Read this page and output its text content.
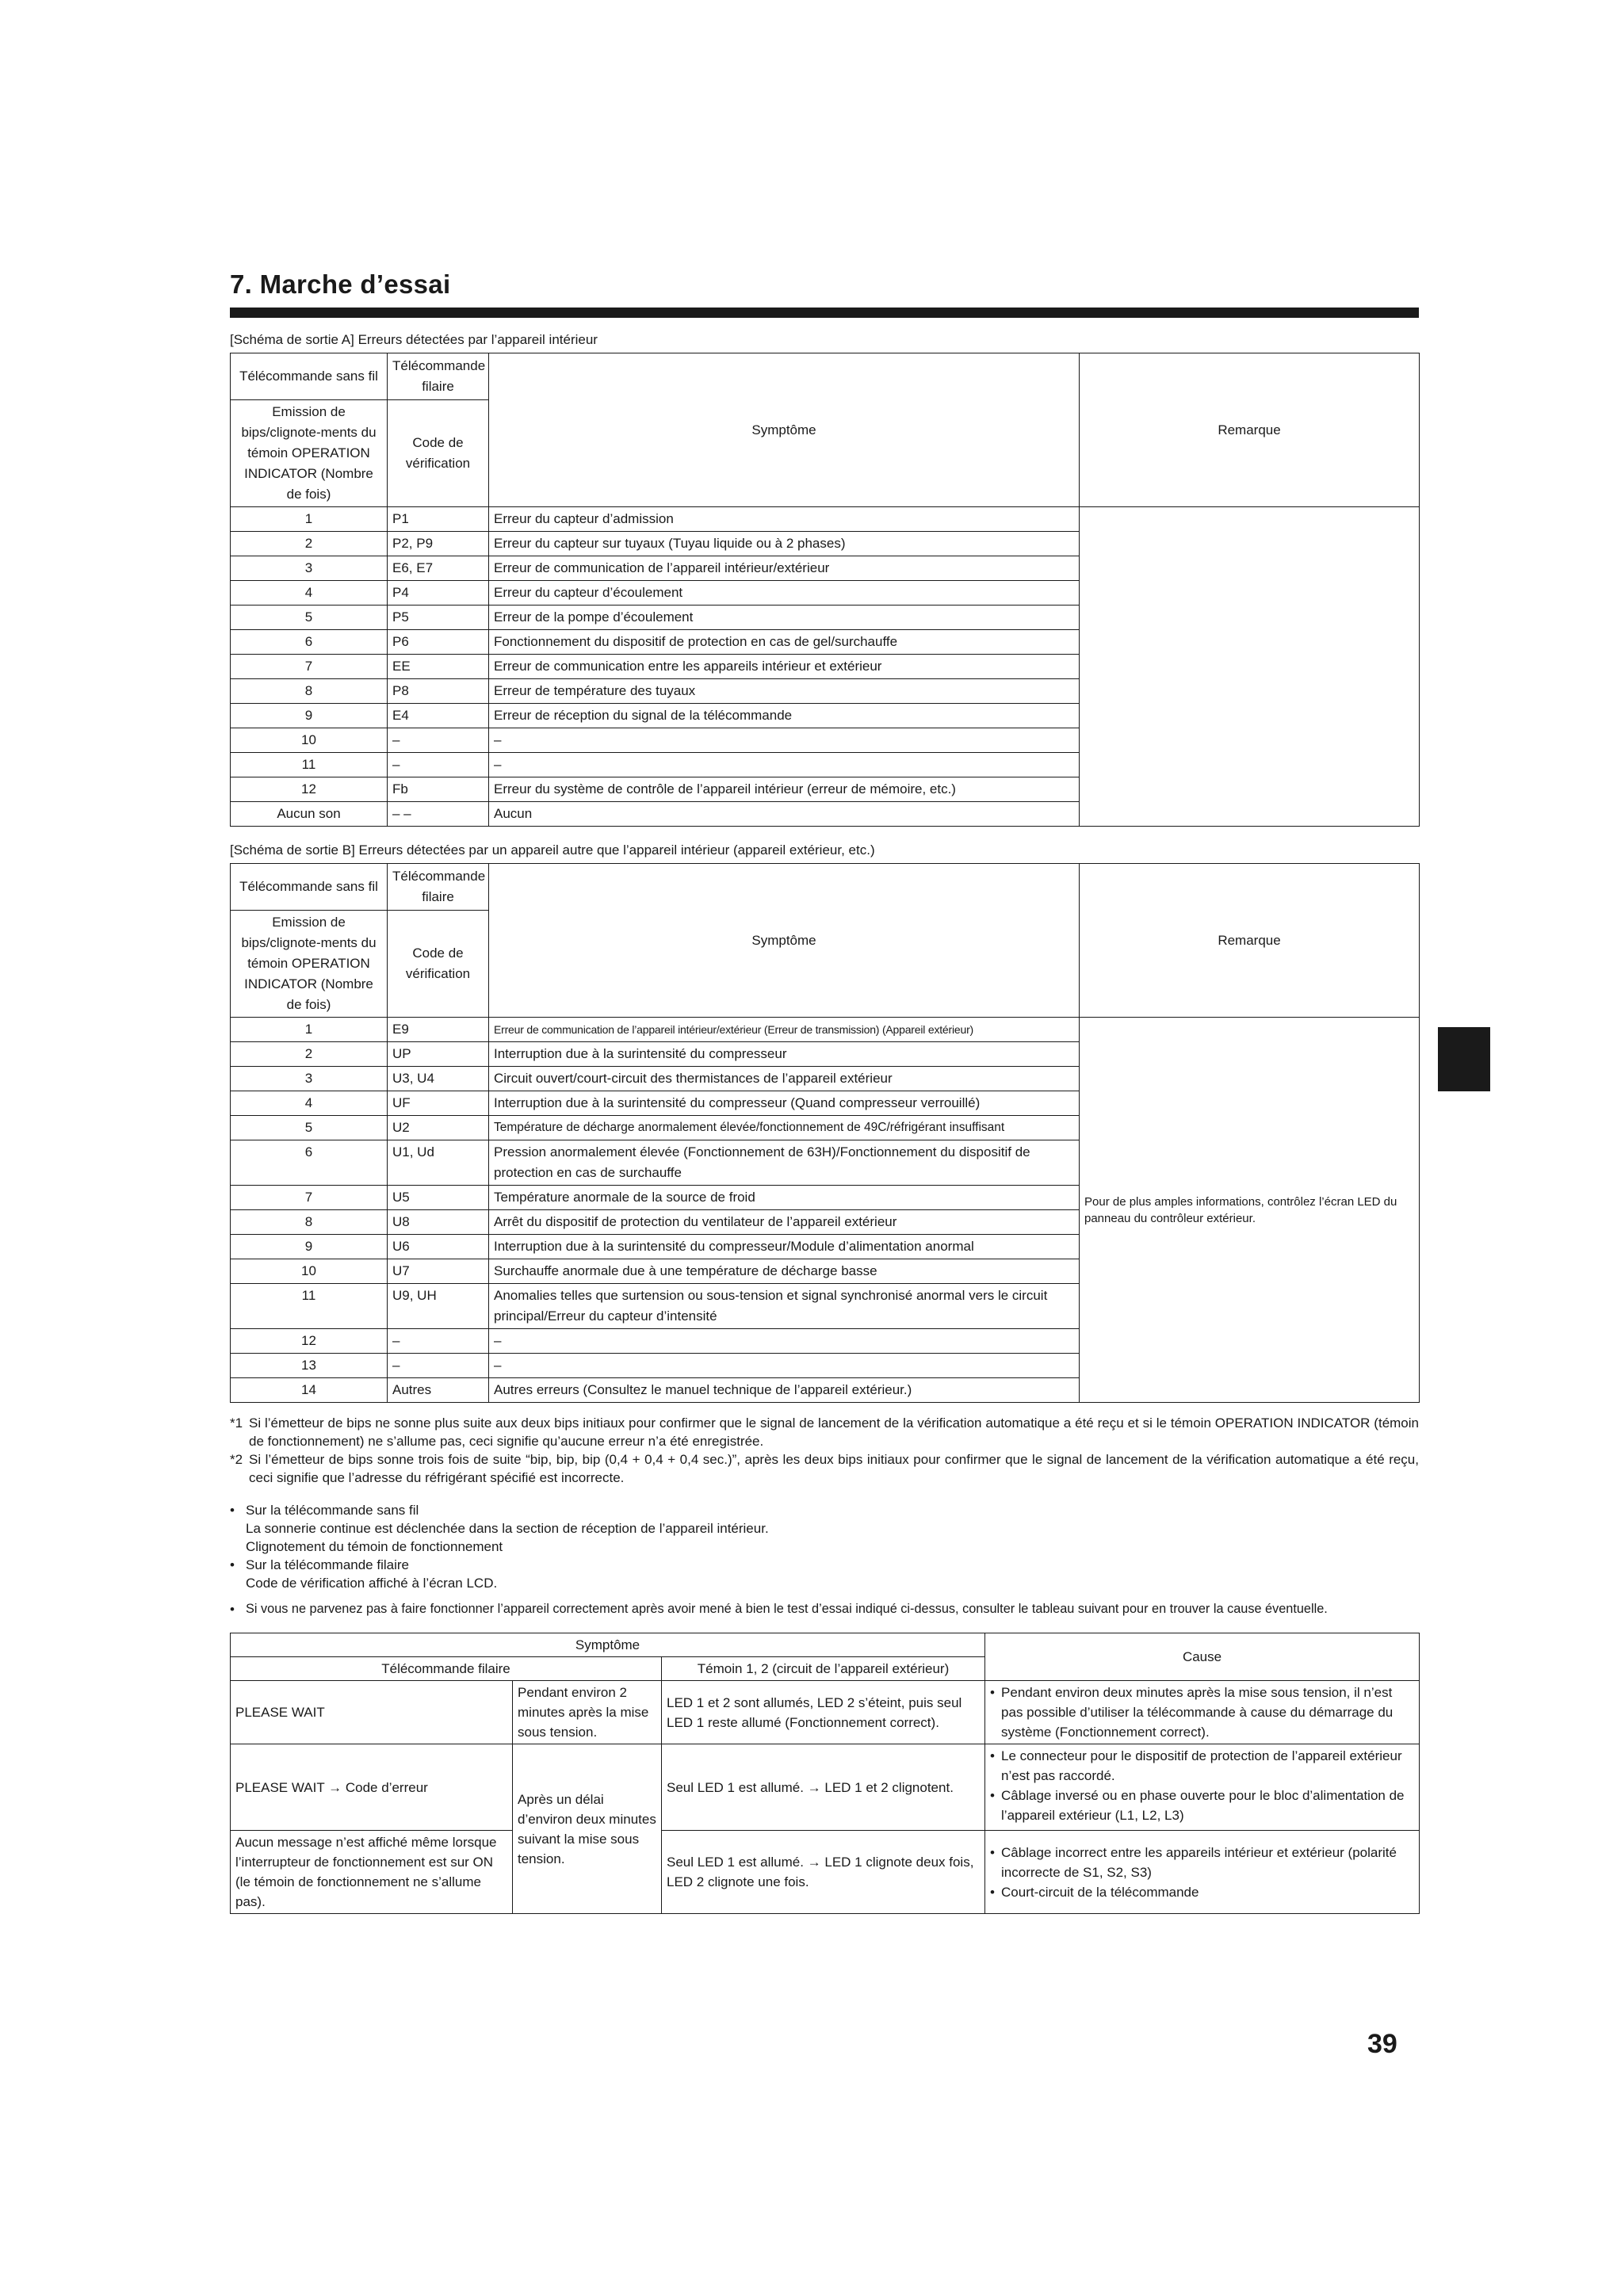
7. Marche d’essai
[Schéma de sortie A] Erreurs détectées par l’appareil intérieur
Télécommande sans fil	Télécommande filaire	Symptôme	Remarque
Emission de bips/clignote-ments du témoin OPERATION INDICATOR (Nombre de fois)	Code de vérification		
1	P1	Erreur du capteur d’admission	
2	P2, P9	Erreur du capteur sur tuyaux (Tuyau liquide ou à 2 phases)	
3	E6, E7	Erreur de communication de l’appareil intérieur/extérieur	
4	P4	Erreur du capteur d’écoulement	
5	P5	Erreur de la pompe d’écoulement	
6	P6	Fonctionnement du dispositif de protection en cas de gel/surchauffe	
7	EE	Erreur de communication entre les appareils intérieur et extérieur	
8	P8	Erreur de température des tuyaux	
9	E4	Erreur de réception du signal de la télécommande	
10	–	–	
11	–	–	
12	Fb	Erreur du système de contrôle de l’appareil intérieur (erreur de mémoire, etc.)	
Aucun son	– –	Aucun	
[Schéma de sortie B] Erreurs détectées par un appareil autre que l’appareil intérieur (appareil extérieur, etc.)
Télécommande sans fil	Télécommande filaire	Symptôme	Remarque
Emission de bips/clignote-ments du témoin OPERATION INDICATOR (Nombre de fois)	Code de vérification		
1	E9	Erreur de communication de l’appareil intérieur/extérieur (Erreur de transmission) (Appareil extérieur)	Pour de plus amples informations, contrôlez l’écran LED du panneau du contrôleur extérieur.
2	UP	Interruption due à la surintensité du compresseur	
3	U3, U4	Circuit ouvert/court-circuit des thermistances de l’appareil extérieur	
4	UF	Interruption due à la surintensité du compresseur (Quand compresseur verrouillé)	
5	U2	Température de décharge anormalement élevée/fonctionnement de 49C/réfrigérant insuffisant	
6	U1, Ud	Pression anormalement élevée (Fonctionnement de 63H)/Fonctionnement du dispositif de protection en cas de surchauffe	
7	U5	Température anormale de la source de froid	
8	U8	Arrêt du dispositif de protection du ventilateur de l’appareil extérieur	
9	U6	Interruption due à la surintensité du compresseur/Module d’alimentation anormal	
10	U7	Surchauffe anormale due à une température de décharge basse	
11	U9, UH	Anomalies telles que surtension ou sous-tension et signal synchronisé anormal vers le circuit principal/Erreur du capteur d’intensité	
12	–	–	
13	–	–	
14	Autres	Autres erreurs (Consultez le manuel technique de l’appareil extérieur.)	
*1 Si l’émetteur de bips ne sonne plus suite aux deux bips initiaux pour confirmer que le signal de lancement de la vérification automatique a été reçu et si le témoin OPERATION INDICATOR (témoin de fonctionnement) ne s’allume pas, ceci signifie qu’aucune erreur n’a été enregistrée.
*2 Si l’émetteur de bips sonne trois fois de suite “bip, bip, bip (0,4 + 0,4 + 0,4 sec.)”, après les deux bips initiaux pour confirmer que le signal de lancement de la vérification automatique a été reçu, ceci signifie que l’adresse du réfrigérant spécifié est incorrecte.
• Sur la télécommande sans fil
La sonnerie continue est déclenchée dans la section de réception de l’appareil intérieur.
Clignotement du témoin de fonctionnement
• Sur la télécommande filaire
Code de vérification affiché à l’écran LCD.
• Si vous ne parvenez pas à faire fonctionner l’appareil correctement après avoir mené à bien le test d’essai indiqué ci-dessus, consulter le tableau suivant pour en trouver la cause éventuelle.
Symptôme			Cause
Télécommande filaire		Témoin 1, 2 (circuit de l’appareil extérieur)	
PLEASE WAIT	Pendant environ 2 minutes après la mise sous tension.	LED 1 et 2 sont allumés, LED 2 s’éteint, puis seul LED 1 reste allumé (Fonctionnement correct).	• Pendant environ deux minutes après la mise sous tension, il n’est pas possible d’utiliser la télécommande à cause du démarrage du système (Fonctionnement correct).

PLEASE WAIT → Code d’erreur	Après un délai d’environ deux minutes suivant la mise sous tension.	Seul LED 1 est allumé. → LED 1 et 2 clignotent.	• Le connecteur pour le dispositif de protection de l’appareil extérieur n’est pas raccordé.
• Câblage inversé ou en phase ouverte pour le bloc d’alimentation de l’appareil extérieur (L1, L2, L3)

Aucun message n’est affiché même lorsque l’interrupteur de fonctionnement est sur ON (le témoin de fonctionnement ne s’allume pas).		Seul LED 1 est allumé. → LED 1 clignote deux fois, LED 2 clignote une fois.	• Câblage incorrect entre les appareils intérieur et extérieur (polarité incorrecte de S1, S2, S3)
• Court-circuit de la télécommande
39
